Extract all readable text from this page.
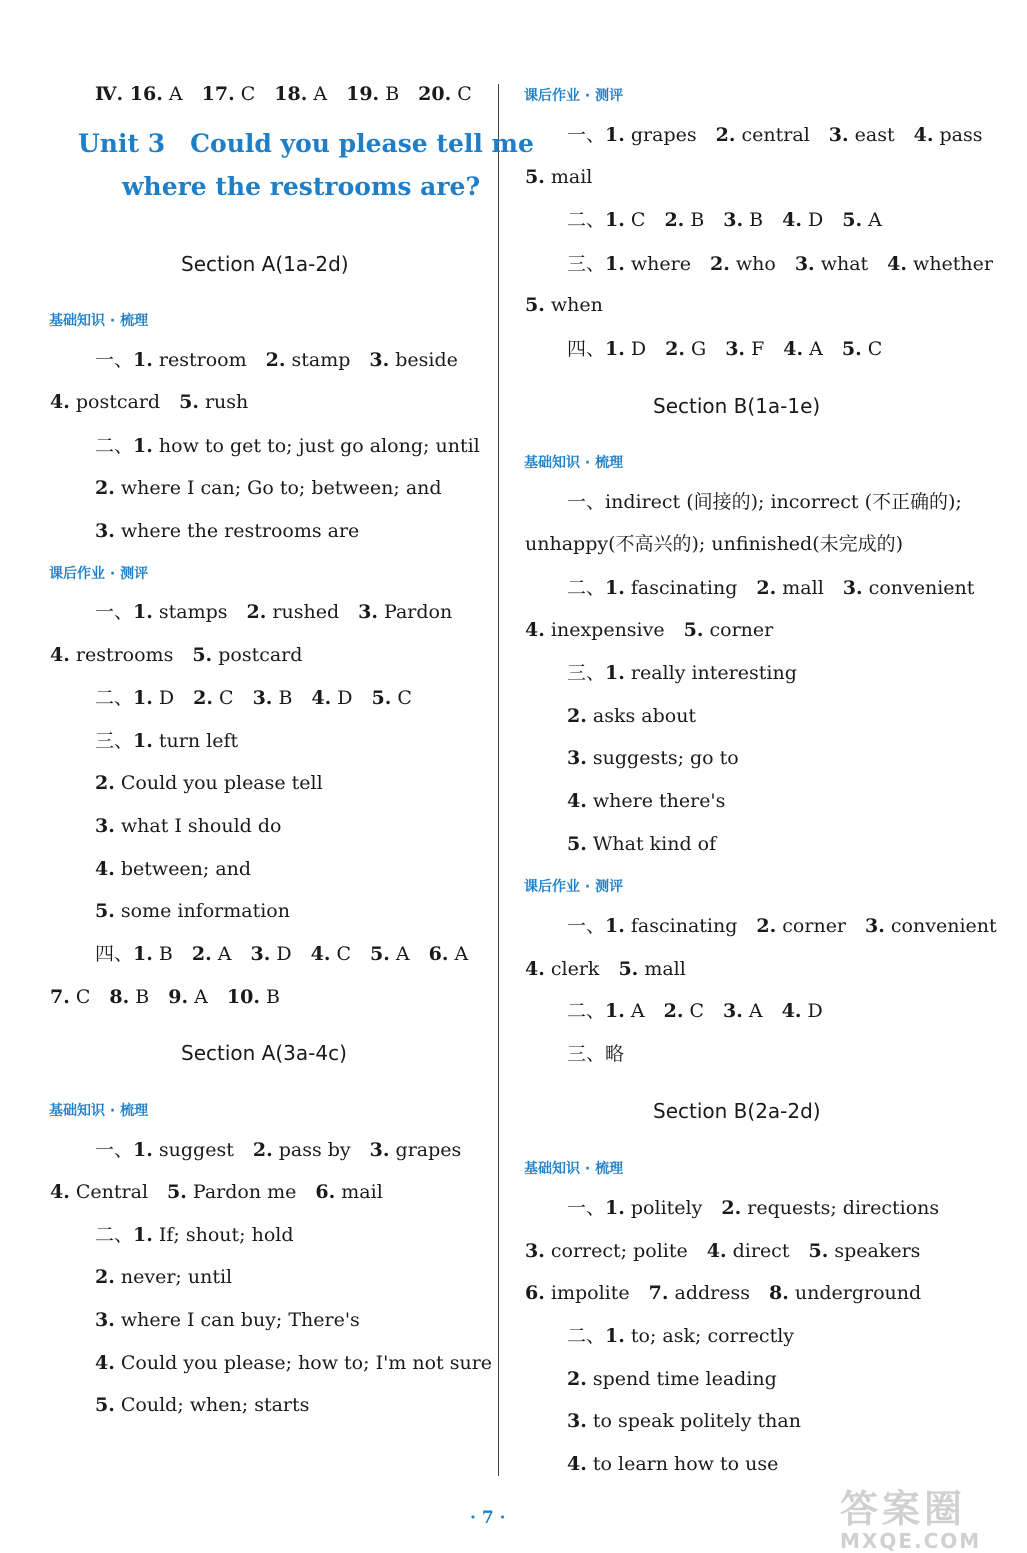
Ⅳ. 16. A　17. C　18. A　19. B　20. C
Unit 3　Could you please tell me
where the restrooms are?
Section A(1a-2d)
基础知识 · 梳理
一、1. restroom　2. stamp　3. beside
4. postcard　5. rush
二、1. how to get to; just go along; until
2. where I can; Go to; between; and
3. where the restrooms are
课后作业 · 测评
一、1. stamps　2. rushed　3. Pardon
4. restrooms　5. postcard
二、1. D　2. C　3. B　4. D　5. C
三、1. turn left
2. Could you please tell
3. what I should do
4. between; and
5. some information
四、1. B　2. A　3. D　4. C　5. A　6. A
7. C　8. B　9. A　10. B
Section A(3a-4c)
基础知识 · 梳理
一、1. suggest　2. pass by　3. grapes
4. Central　5. Pardon me　6. mail
二、1. If; shout; hold
2. never; until
3. where I can buy; There's
4. Could you please; how to; I'm not sure
5. Could; when; starts
课后作业 · 测评
一、1. grapes　2. central　3. east　4. pass
5. mail
二、1. C　2. B　3. B　4. D　5. A
三、1. where　2. who　3. what　4. whether
5. when
四、1. D　2. G　3. F　4. A　5. C
Section B(1a-1e)
基础知识 · 梳理
一、indirect (间接的); incorrect (不正确的);
unhappy(不高兴的); unfinished(未完成的)
二、1. fascinating　2. mall　3. convenient
4. inexpensive　5. corner
三、1. really interesting
2. asks about
3. suggests; go to
4. where there's
5. What kind of
课后作业 · 测评
一、1. fascinating　2. corner　3. convenient
4. clerk　5. mall
二、1. A　2. C　3. A　4. D
三、略
Section B(2a-2d)
基础知识 · 梳理
一、1. politely　2. requests; directions
3. correct; polite　4. direct　5. speakers
6. impolite　7. address　8. underground
二、1. to; ask; correctly
2. spend time leading
3. to speak politely than
4. to learn how to use
· 7 ·	答案圈
MXQE.COM
